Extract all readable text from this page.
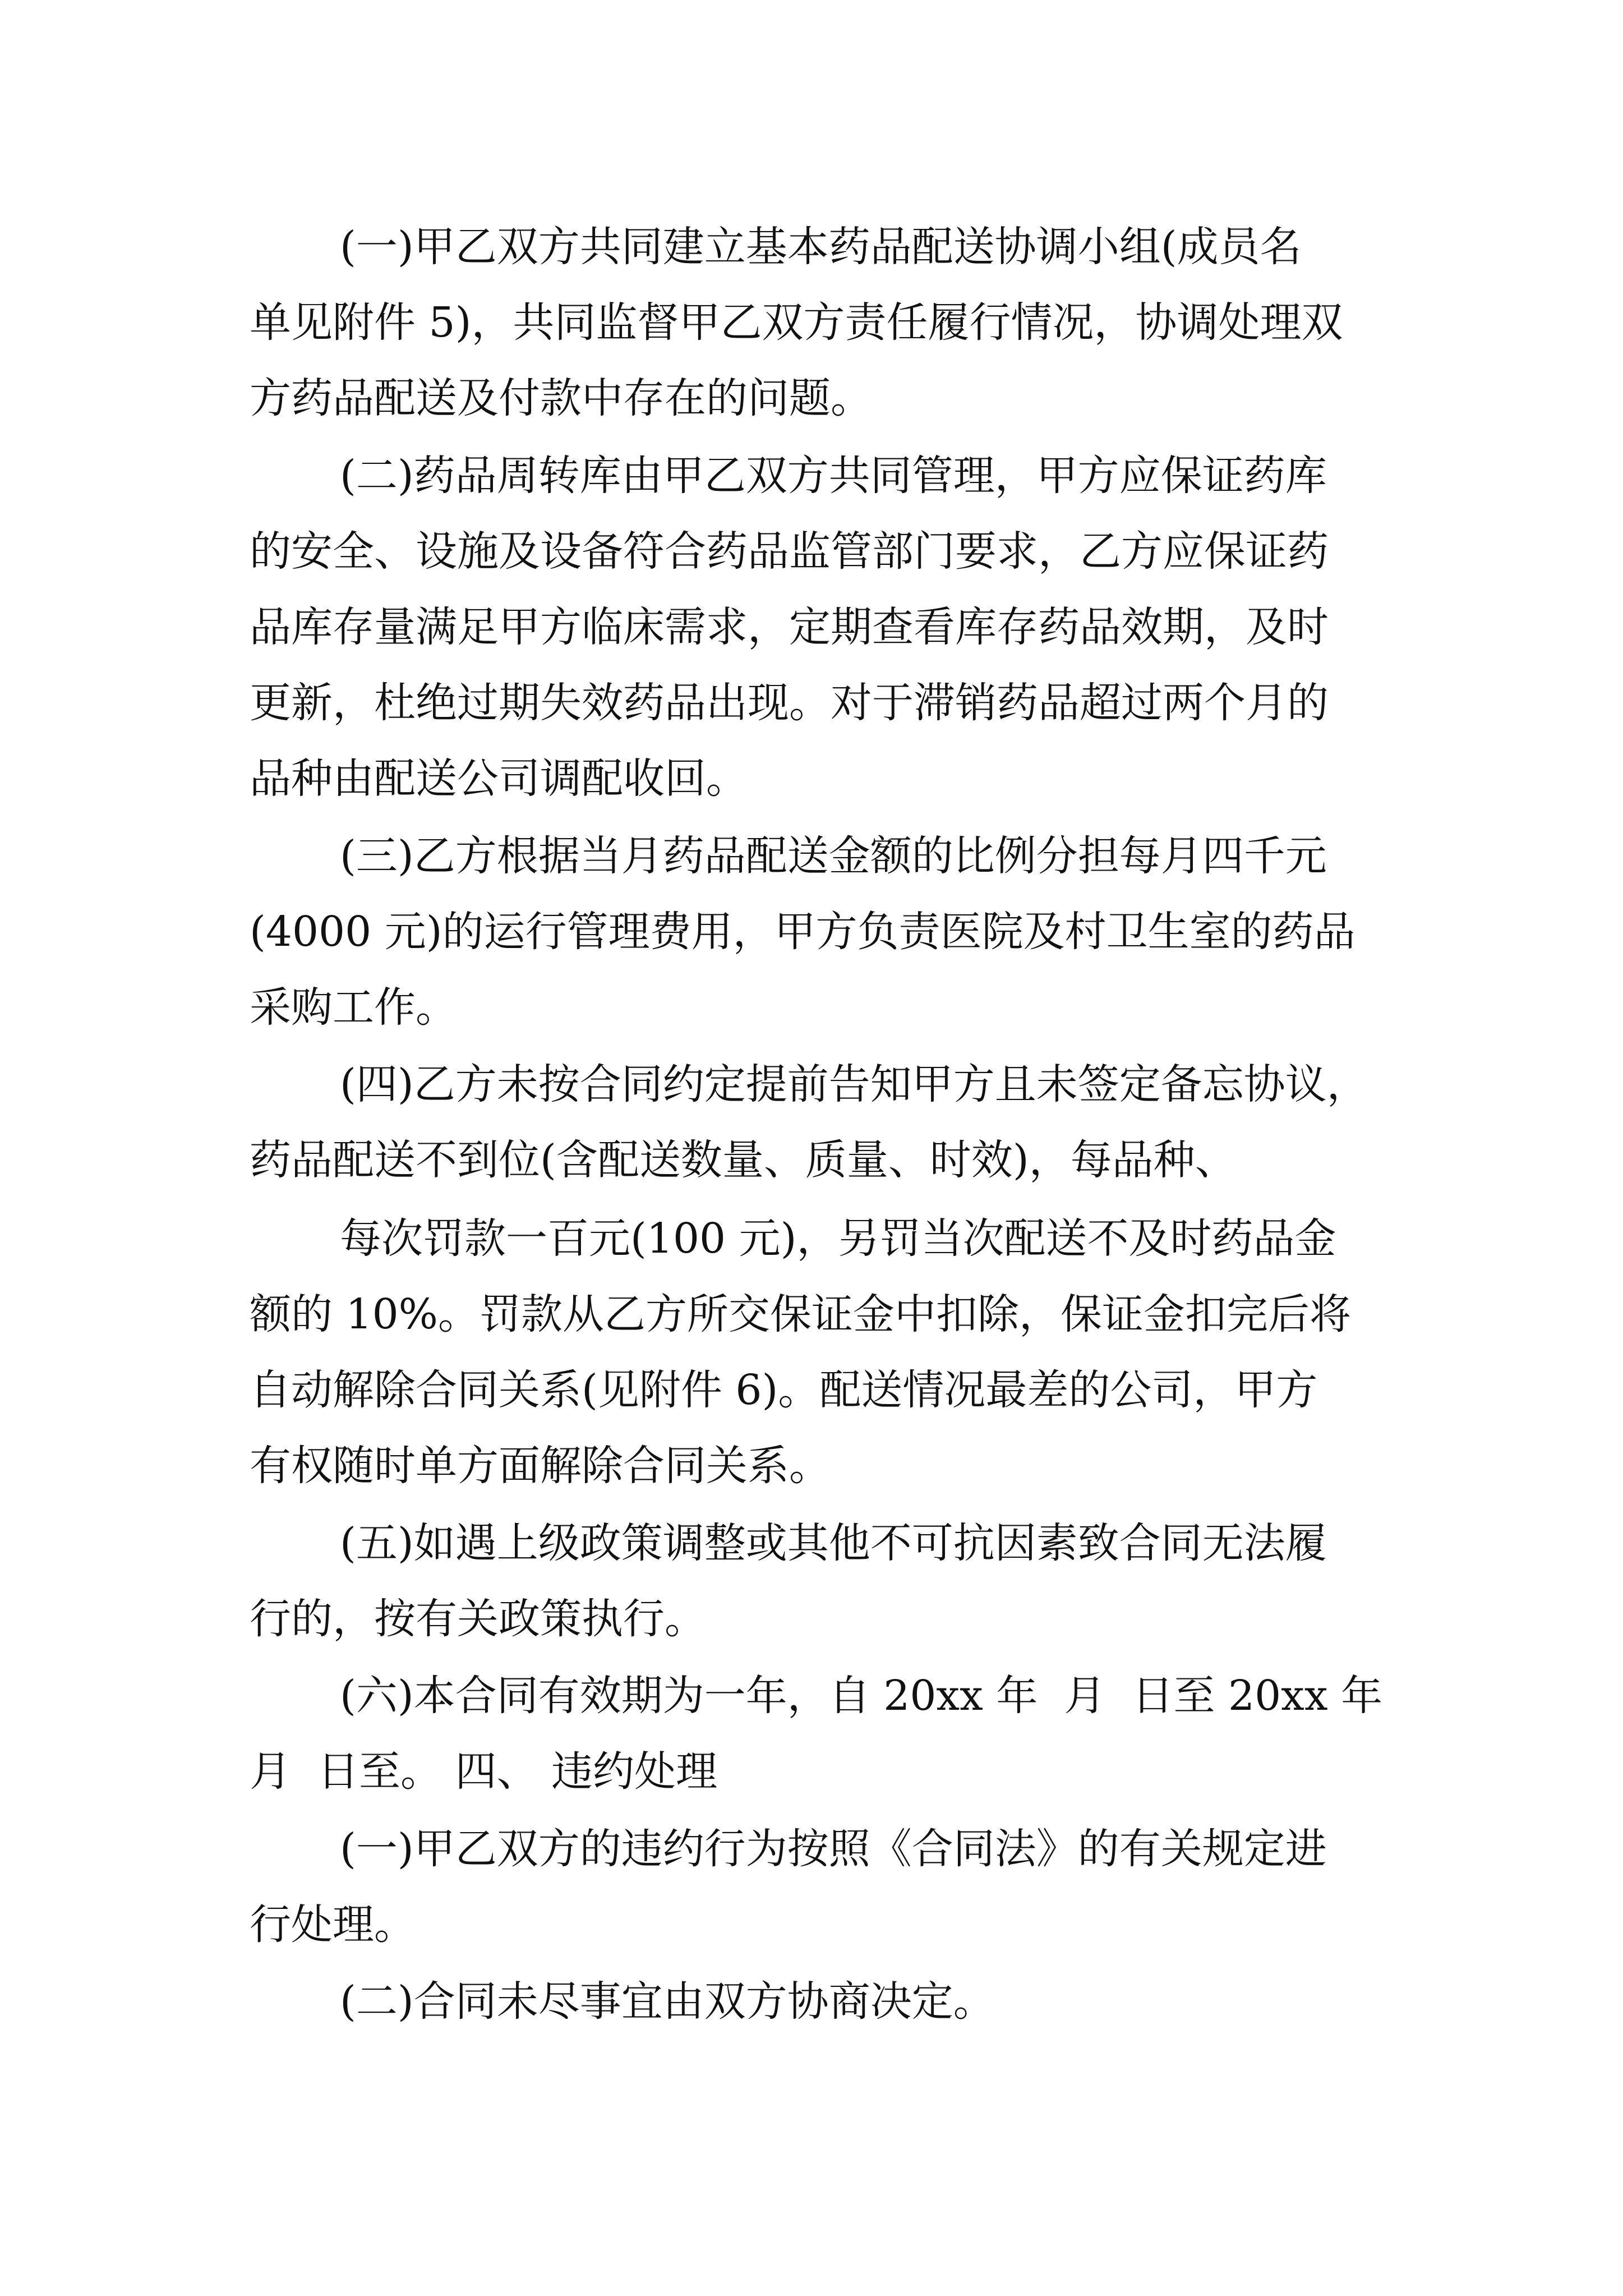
(一)甲乙双方共同建立基本药品配送协调小组(成员名

单见附件 5)，共同监督甲乙双方责任履行情况，协调处理双

方药品配送及付款中存在的问题。

(二)药品周转库由甲乙双方共同管理，甲方应保证药库

的安全、设施及设备符合药品监管部门要求，乙方应保证药

品库存量满足甲方临床需求，定期查看库存药品效期，及时

更新，杜绝过期失效药品出现。对于滞销药品超过两个月的

品种由配送公司调配收回。

(三)乙方根据当月药品配送金额的比例分担每月四千元

(4000 元)的运行管理费用，甲方负责医院及村卫生室的药品

采购工作。

(四)乙方未按合同约定提前告知甲方且未签定备忘协议，

药品配送不到位(含配送数量、质量、时效)，每品种、

每次罚款一百元(100 元)，另罚当次配送不及时药品金

额的 10%。罚款从乙方所交保证金中扣除，保证金扣完后将

自动解除合同关系(见附件 6)。配送情况最差的公司，甲方

有权随时单方面解除合同关系。

(五)如遇上级政策调整或其他不可抗因素致合同无法履

行的，按有关政策执行。

(六)本合同有效期为一年，自 20xx 年  月  日至 20xx 年

月  日至。 四、 违约处理

(一)甲乙双方的违约行为按照《合同法》的有关规定进

行处理。

(二)合同未尽事宜由双方协商决定。
